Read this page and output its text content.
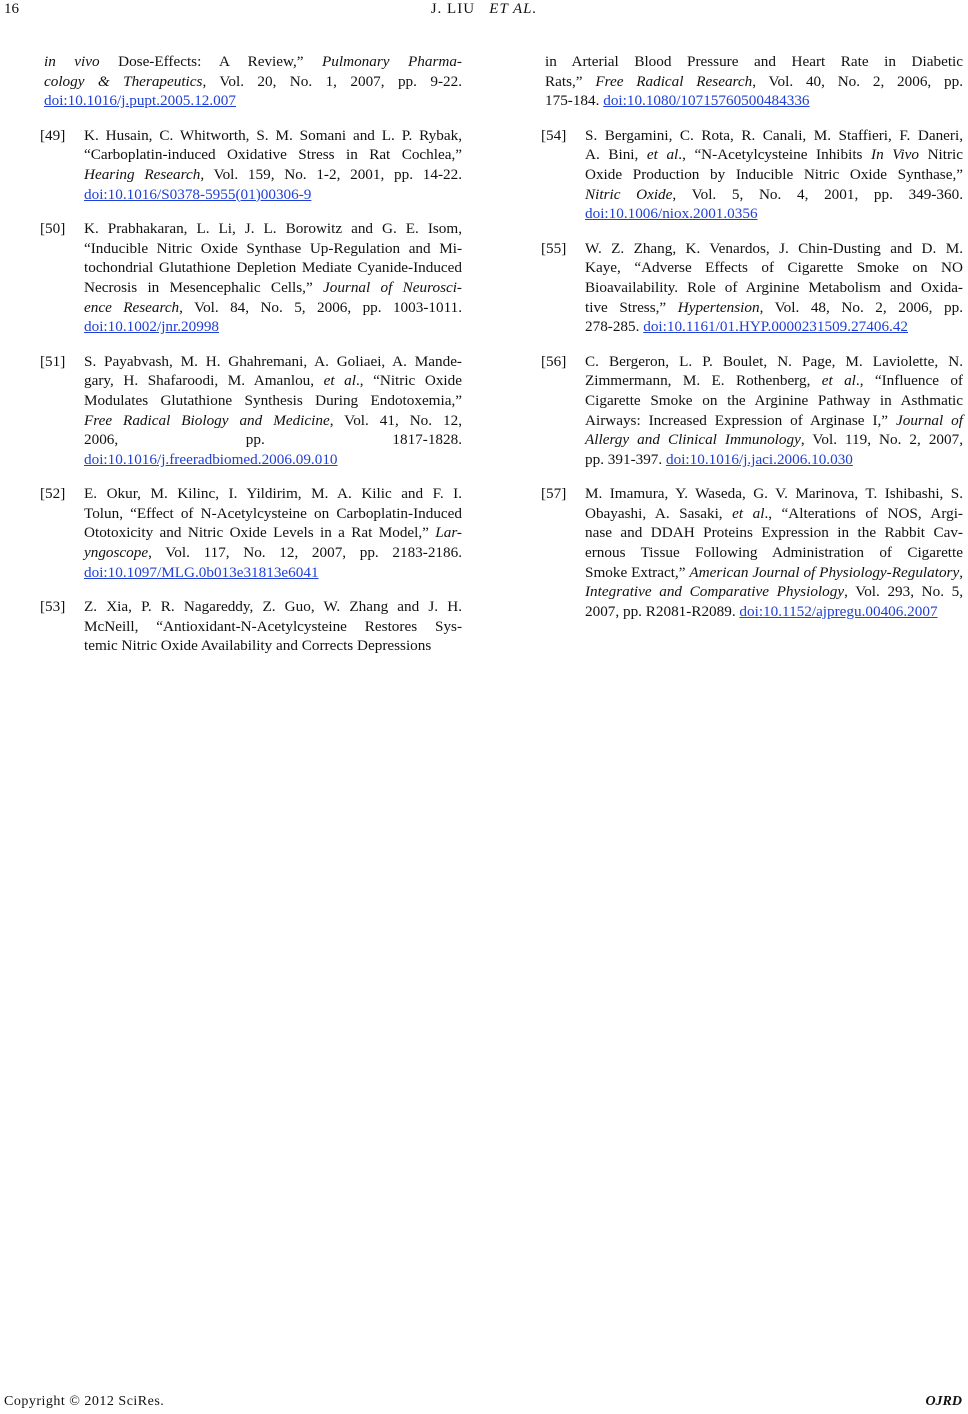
16	J. LIU ET AL.
in vivo Dose-Effects: A Review,” Pulmonary Pharma-
cology & Therapeutics, Vol. 20, No. 1, 2007, pp. 9-22.
doi:10.1016/j.pupt.2005.12.007
[49] K. Husain, C. Whitworth, S. M. Somani and L. P. Rybak,
“Carboplatin-induced Oxidative Stress in Rat Cochlea,”
Hearing Research, Vol. 159, No. 1-2, 2001, pp. 14-22.
doi:10.1016/S0378-5955(01)00306-9
[50] K. Prabhakaran, L. Li, J. L. Borowitz and G. E. Isom,
“Inducible Nitric Oxide Synthase Up-Regulation and Mi-
tochondrial Glutathione Depletion Mediate Cyanide-Induced
Necrosis in Mesencephalic Cells,” Journal of Neurosci-
ence Research, Vol. 84, No. 5, 2006, pp. 1003-1011.
doi:10.1002/jnr.20998
[51] S. Payabvash, M. H. Ghahremani, A. Goliaei, A. Mande-
gary, H. Shafaroodi, M. Amanlou, et al., “Nitric Oxide
Modulates Glutathione Synthesis During Endotoxemia,”
Free Radical Biology and Medicine, Vol. 41, No. 12,
2006, pp. 1817-1828.
doi:10.1016/j.freeradbiomed.2006.09.010
[52] E. Okur, M. Kilinc, I. Yildirim, M. A. Kilic and F. I.
Tolun, “Effect of N-Acetylcysteine on Carboplatin-Induced
Ototoxicity and Nitric Oxide Levels in a Rat Model,” Lar-
yngoscope, Vol. 117, No. 12, 2007, pp. 2183-2186.
doi:10.1097/MLG.0b013e31813e6041
[53] Z. Xia, P. R. Nagareddy, Z. Guo, W. Zhang and J. H.
McNeill, “Antioxidant-N-Acetylcysteine Restores Sys-
temic Nitric Oxide Availability and Corrects Depressions
in Arterial Blood Pressure and Heart Rate in Diabetic
Rats,” Free Radical Research, Vol. 40, No. 2, 2006, pp.
175-184. doi:10.1080/10715760500484336
[54] S. Bergamini, C. Rota, R. Canali, M. Staffieri, F. Daneri,
A. Bini, et al., “N-Acetylcysteine Inhibits In Vivo Nitric
Oxide Production by Inducible Nitric Oxide Synthase,”
Nitric Oxide, Vol. 5, No. 4, 2001, pp. 349-360.
doi:10.1006/niox.2001.0356
[55] W. Z. Zhang, K. Venardos, J. Chin-Dusting and D. M.
Kaye, “Adverse Effects of Cigarette Smoke on NO
Bioavailability. Role of Arginine Metabolism and Oxida-
tive Stress,” Hypertension, Vol. 48, No. 2, 2006, pp.
278-285. doi:10.1161/01.HYP.0000231509.27406.42
[56] C. Bergeron, L. P. Boulet, N. Page, M. Laviolette, N.
Zimmermann, M. E. Rothenberg, et al., “Influence of
Cigarette Smoke on the Arginine Pathway in Asthmatic
Airways: Increased Expression of Arginase I,” Journal of
Allergy and Clinical Immunology, Vol. 119, No. 2, 2007,
pp. 391-397. doi:10.1016/j.jaci.2006.10.030
[57] M. Imamura, Y. Waseda, G. V. Marinova, T. Ishibashi, S.
Obayashi, A. Sasaki, et al., “Alterations of NOS, Argi-
nase and DDAH Proteins Expression in the Rabbit Cav-
ernous Tissue Following Administration of Cigarette
Smoke Extract,” American Journal of Physiology-Regulatory,
Integrative and Comparative Physiology, Vol. 293, No. 5,
2007, pp. R2081-R2089. doi:10.1152/ajpregu.00406.2007
Copyright © 2012 SciRes.	OJRD
